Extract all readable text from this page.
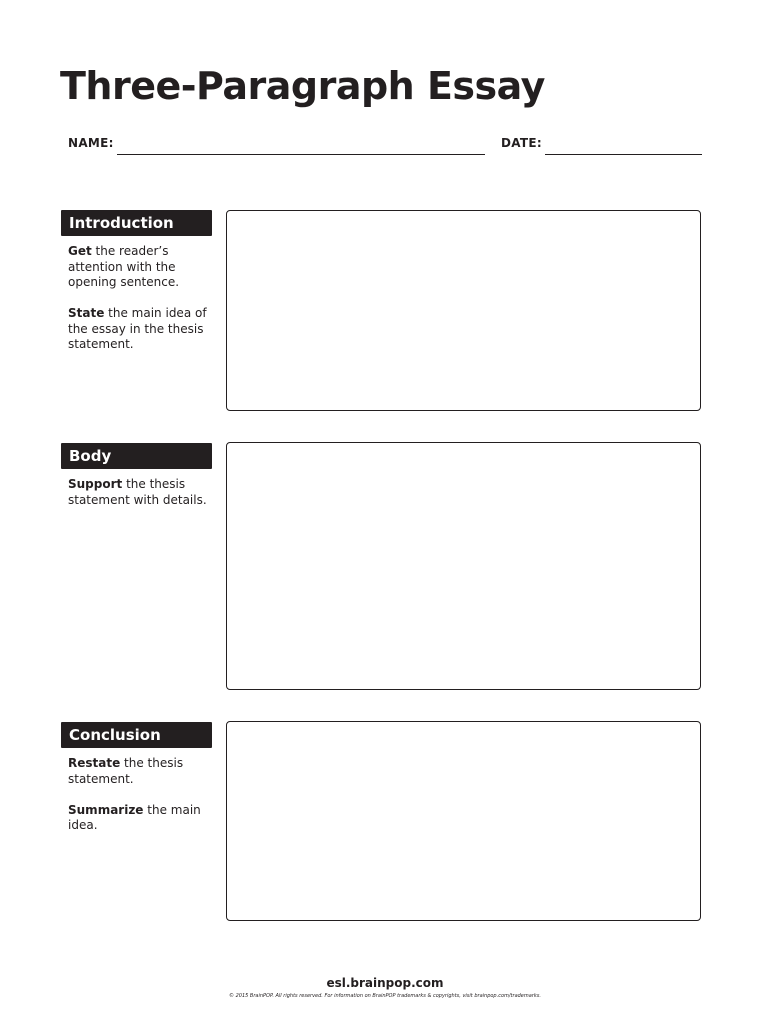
Three-Paragraph Essay
NAME:	DATE:
Introduction

Get the reader’s attention with the opening sentence.

State the main idea of the essay in the thesis statement.

Body

Support the thesis statement with details.

Conclusion

Restate the thesis statement.

Summarize the main idea.

esl.brainpop.com
© 2015 BrainPOP. All rights reserved. For information on BrainPOP trademarks & copyrights, visit brainpop.com/trademarks.
